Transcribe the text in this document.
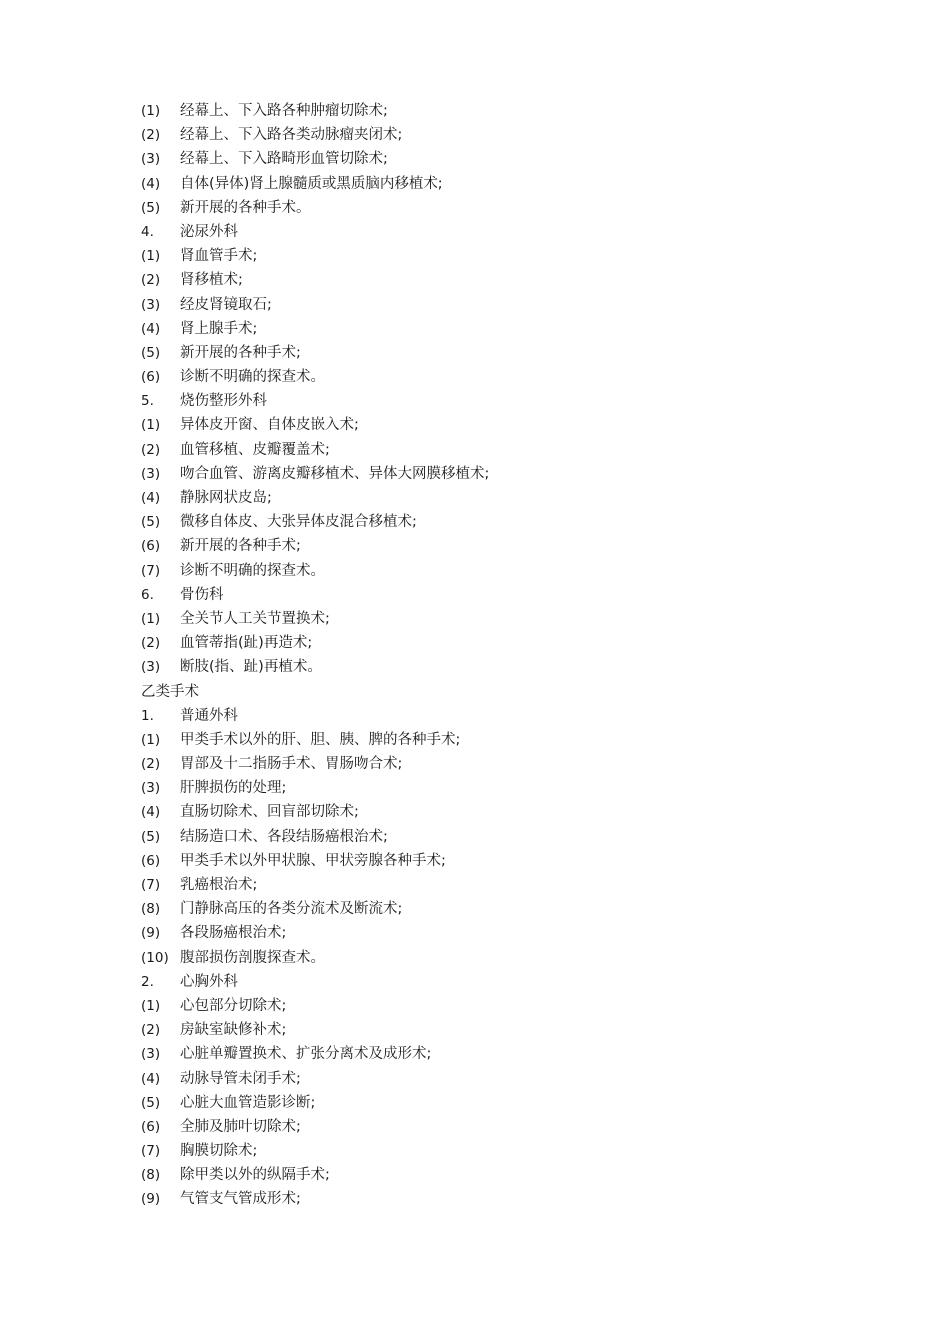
(1)	经幕上、下入路各种肿瘤切除术;
(2)	经幕上、下入路各类动脉瘤夹闭术;
(3)	经幕上、下入路畸形血管切除术;
(4)	自体(异体)肾上腺髓质或黑质脑内移植术;
(5)	新开展的各种手术。
4.	泌尿外科
(1)	肾血管手术;
(2)	肾移植术;
(3)	经皮肾镜取石;
(4)	肾上腺手术;
(5)	新开展的各种手术;
(6)	诊断不明确的探查术。
5.	烧伤整形外科
(1)	异体皮开窗、自体皮嵌入术;
(2)	血管移植、皮瓣覆盖术;
(3)	吻合血管、游离皮瓣移植术、异体大网膜移植术;
(4)	静脉网状皮岛;
(5)	微移自体皮、大张异体皮混合移植术;
(6)	新开展的各种手术;
(7)	诊断不明确的探查术。
6.	骨伤科
(1)	全关节人工关节置换术;
(2)	血管蒂指(趾)再造术;
(3)	断肢(指、趾)再植术。
乙类手术
1.	普通外科
(1)	甲类手术以外的肝、胆、胰、脾的各种手术;
(2)	胃部及十二指肠手术、胃肠吻合术;
(3)	肝脾损伤的处理;
(4)	直肠切除术、回盲部切除术;
(5)	结肠造口术、各段结肠癌根治术;
(6)	甲类手术以外甲状腺、甲状旁腺各种手术;
(7)	乳癌根治术;
(8)	门静脉高压的各类分流术及断流术;
(9)	各段肠癌根治术;
(10) 腹部损伤剖腹探查术。
2.	心胸外科
(1)	心包部分切除术;
(2)	房缺室缺修补术;
(3)	心脏单瓣置换术、扩张分离术及成形术;
(4)	动脉导管未闭手术;
(5)	心脏大血管造影诊断;
(6)	全肺及肺叶切除术;
(7)	胸膜切除术;
(8)	除甲类以外的纵隔手术;
(9)	气管支气管成形术;
